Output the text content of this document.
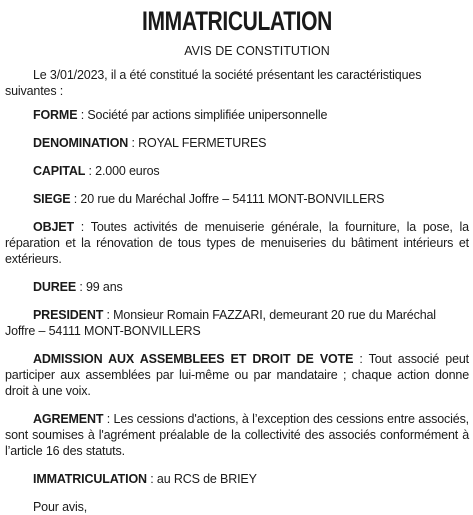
IMMATRICULATION

AVIS DE CONSTITUTION

Le 3/01/2023, il a été constitué la société présentant les caractéristiques suivantes :

FORME : Société par actions simplifiée unipersonnelle

DENOMINATION : ROYAL FERMETURES

CAPITAL : 2.000 euros

SIEGE : 20 rue du Maréchal Joffre – 54111 MONT-BONVILLERS

OBJET : Toutes activités de menuiserie générale, la fourniture, la pose, la réparation et la rénovation de tous types de menuiseries du bâtiment intérieurs et extérieurs.

DUREE : 99 ans

PRESIDENT : Monsieur Romain FAZZARI, demeurant 20 rue du Maréchal Joffre – 54111 MONT-BONVILLERS

ADMISSION AUX ASSEMBLEES ET DROIT DE VOTE : Tout associé peut participer aux assemblées par lui-même ou par mandataire ; chaque action donne droit à une voix.

AGREMENT : Les cessions d'actions, à l’exception des cessions entre associés, sont soumises à l'agrément préalable de la collectivité des associés conformément à l’article 16 des statuts.

IMMATRICULATION : au RCS de BRIEY

Pour avis,
